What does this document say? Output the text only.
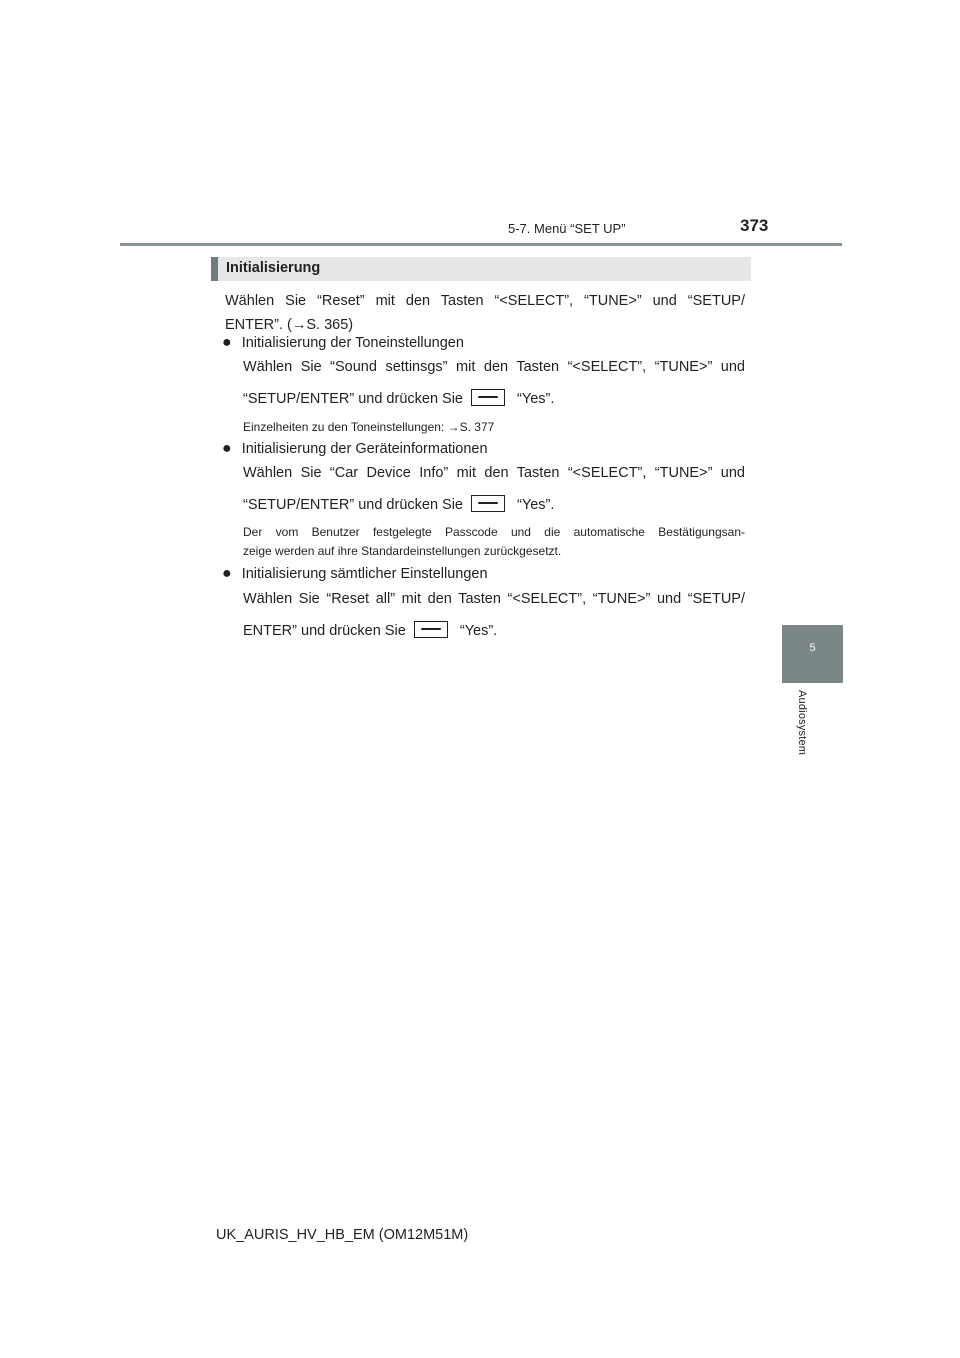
5-7. Menü “SET UP”	373
5
Audiosystem
Initialisierung
Wählen Sie “Reset” mit den Tasten “<SELECT”, “TUNE>” und “SETUP/
ENTER”. (→S. 365)
● Initialisierung der Toneinstellungen
Wählen Sie “Sound settinsgs” mit den Tasten “<SELECT”, “TUNE>” und
“SETUP/ENTER” und drücken Sie	“Yes”.
Einzelheiten zu den Toneinstellungen: →S. 377
● Initialisierung der Geräteinformationen
Wählen Sie “Car Device Info” mit den Tasten “<SELECT”, “TUNE>” und
“SETUP/ENTER” und drücken Sie	“Yes”.
Der vom Benutzer festgelegte Passcode und die automatische Bestätigungsan-
zeige werden auf ihre Standardeinstellungen zurückgesetzt.
● Initialisierung sämtlicher Einstellungen
Wählen Sie “Reset all” mit den Tasten “<SELECT”, “TUNE>” und “SETUP/
ENTER” und drücken Sie	“Yes”.
UK_AURIS_HV_HB_EM (OM12M51M)
